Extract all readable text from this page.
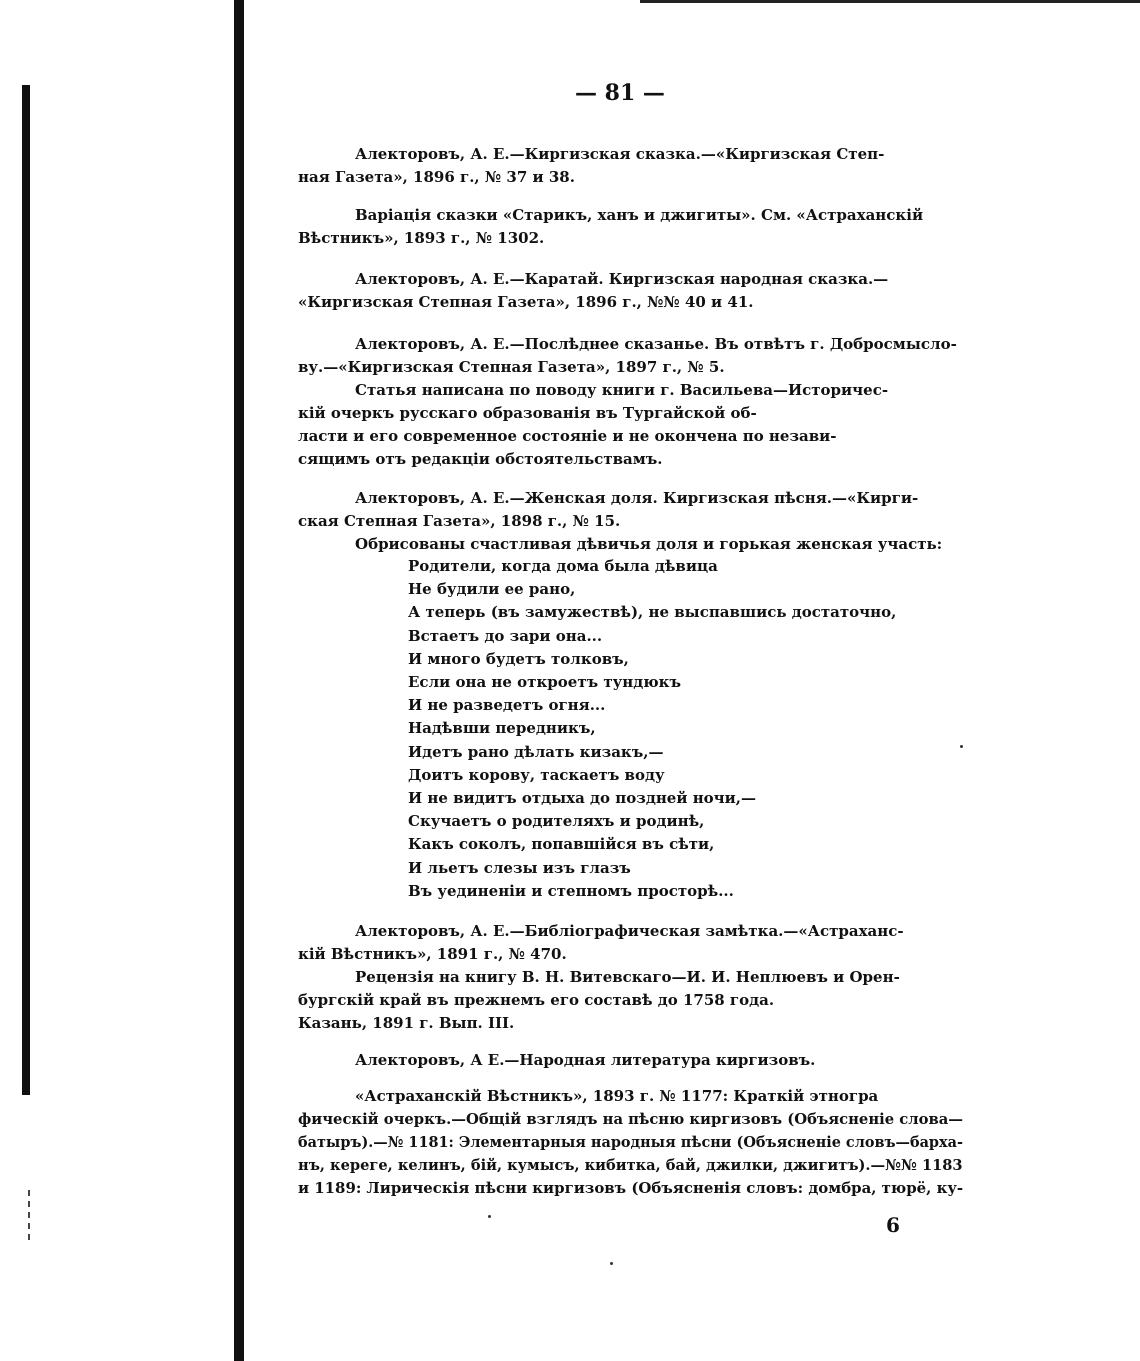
— 81 —
Алекторовъ, А. Е.—Киргизская сказка.—«Киргизская Степ-
ная Газета», 1896 г., № 37 и 38.
Варіація сказки «Старикъ, ханъ и джигиты». См. «Астраханскій
Вѣстникъ», 1893 г., № 1302.
Алекторовъ, А. Е.—Каратай. Киргизская народная сказка.—
«Киргизская Степная Газета», 1896 г., №№ 40 и 41.
Алекторовъ, А. Е.—Послѣднее сказанье. Въ отвѣтъ г. Добросмысло-
ву.—«Киргизская Степная Газета», 1897 г., № 5.
Статья написана по поводу книги г. Васильева—Историчес-
кій очеркъ русскаго образованія въ Тургайской об-
ласти и его современное состояніе и не окончена по незави-
сящимъ отъ редакціи обстоятельствамъ.
Алекторовъ, А. Е.—Женская доля. Киргизская пѣсня.—«Кирги-
ская Степная Газета», 1898 г., № 15.
Обрисованы счастливая дѣвичья доля и горькая женская участь:
Родители, когда дома была дѣвица
Не будили ее рано,
А теперь (въ замужествѣ), не выспавшись достаточно,
Встаетъ до зари она...
И много будетъ толковъ,
Если она не откроетъ тундюкъ
И не разведетъ огня...
Надѣвши передникъ,
Идетъ рано дѣлать кизакъ,—
Доитъ корову, таскаетъ воду
И не видитъ отдыха до поздней ночи,—
Скучаетъ о родителяхъ и родинѣ,
Какъ соколъ, попавшійся въ сѣти,
И льетъ слезы изъ глазъ
Въ уединеніи и степномъ просторѣ...
Алекторовъ, А. Е.—Библіографическая замѣтка.—«Астраханс-
кій Вѣстникъ», 1891 г., № 470.
Рецензія на книгу В. Н. Витевскаго—И. И. Неплюевъ и Орен-
бургскій край въ прежнемъ его составѣ до 1758 года.
Казань, 1891 г. Вып. III.
Алекторовъ, А Е.—Народная литература киргизовъ.
«Астраханскій Вѣстникъ», 1893 г. № 1177: Краткій этногра
фическій очеркъ.—Общій взглядъ на пѣсню киргизовъ (Объясненіе слова—
батыръ).—№ 1181: Элементарныя народныя пѣсни (Объясненіе словъ—барха-
нъ, кереге, келинъ, бій, кумысъ, кибитка, бай, джилки, джигитъ).—№№ 1183
и 1189: Лирическія пѣсни киргизовъ (Объясненія словъ: домбра, тюрё, ку-
6
